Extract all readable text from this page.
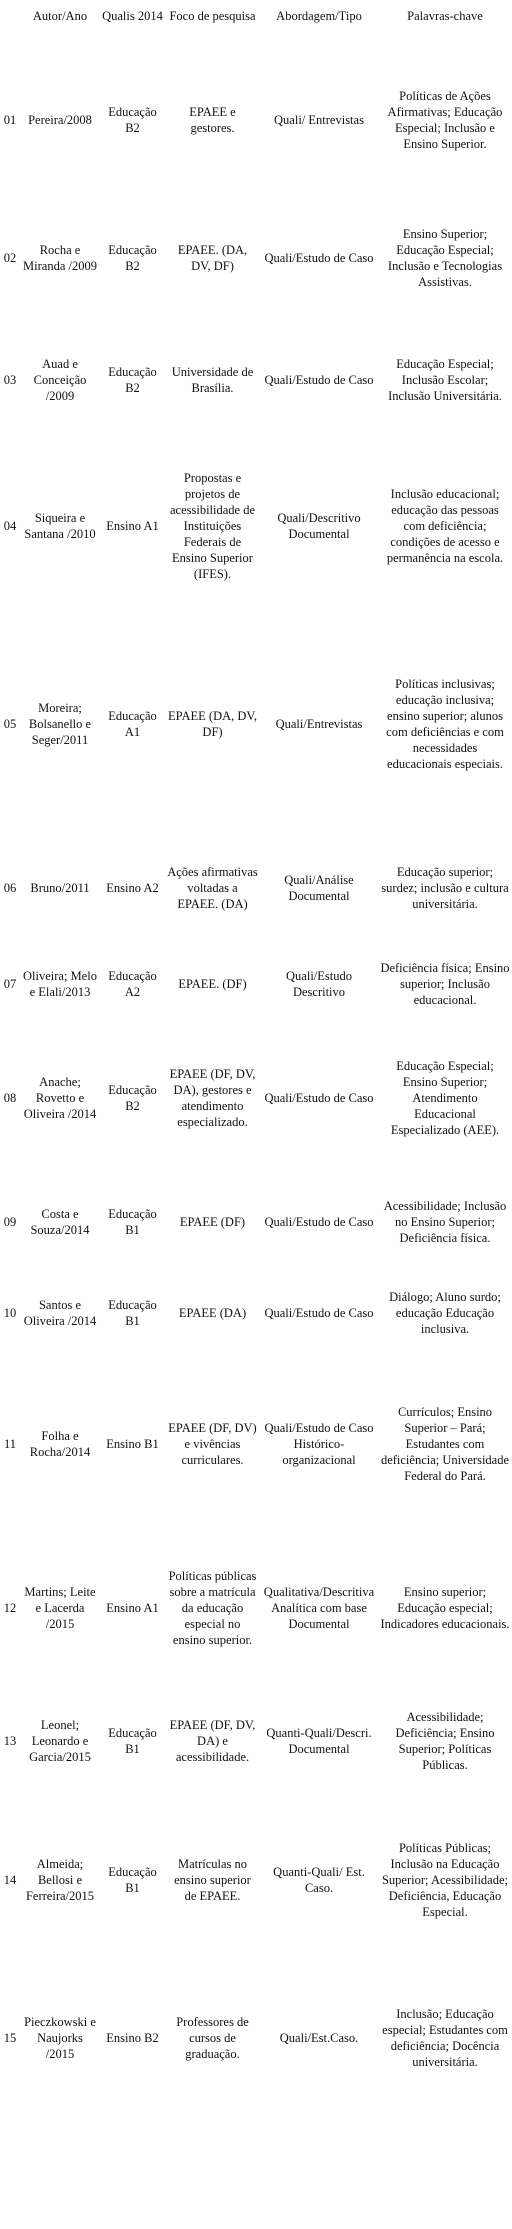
	Autor/Ano	Qualis 2014	Foco de pesquisa	Abordagem/Tipo	Palavras-chave
01	Pereira/2008	Educação B2	EPAEE e gestores.	Quali/ Entrevistas	Políticas de Ações Afirmativas; Educação Especial; Inclusão e Ensino Superior.
02	Rocha e Miranda /2009	Educação B2	EPAEE. (DA, DV, DF)	Quali/Estudo de Caso	Ensino Superior; Educação Especial; Inclusão e Tecnologias Assistivas.
03	Auad e Conceição /2009	Educação B2	Universidade de Brasília.	Quali/Estudo de Caso	Educação Especial; Inclusão Escolar; Inclusão Universitária.
04	Siqueira e Santana /2010	Ensino A1	Propostas e projetos de acessibilidade de Instituições Federais de Ensino Superior (IFES).	Quali/Descritivo Documental	Inclusão educacional; educação das pessoas com deficiência; condições de acesso e permanência na escola.
05	Moreira; Bolsanello e Seger/2011	Educação A1	EPAEE (DA, DV, DF)	Quali/Entrevistas	Políticas inclusivas; educação inclusiva; ensino superior; alunos com deficiências e com necessidades educacionais especiais.
06	Bruno/2011	Ensino A2	Ações afirmativas voltadas a EPAEE. (DA)	Quali/Análise Documental	Educação superior; surdez; inclusão e cultura universitária.
07	Oliveira; Melo e Elali/2013	Educação A2	EPAEE. (DF)	Quali/Estudo Descritivo	Deficiência física; Ensino superior; Inclusão educacional.
08	Anache; Rovetto e Oliveira /2014	Educação B2	EPAEE (DF, DV, DA), gestores e atendimento especializado.	Quali/Estudo de Caso	Educação Especial; Ensino Superior; Atendimento Educacional Especializado (AEE).
09	Costa e Souza/2014	Educação B1	EPAEE (DF)	Quali/Estudo de Caso	Acessibilidade; Inclusão no Ensino Superior; Deficiência física.
10	Santos e Oliveira /2014	Educação B1	EPAEE (DA)	Quali/Estudo de Caso	Diálogo; Aluno surdo; educação Educação inclusiva.
11	Folha e Rocha/2014	Ensino B1	EPAEE (DF, DV) e vivências curriculares.	Quali/Estudo de Caso Histórico-organizacional	Currículos; Ensino Superior – Pará; Estudantes com deficiência; Universidade Federal do Pará.
12	Martins; Leite e Lacerda /2015	Ensino A1	Políticas públicas sobre a matrícula da educação especial no ensino superior.	Qualitativa/Descritiva Analítica com base Documental	Ensino superior; Educação especial; Indicadores educacionais.
13	Leonel; Leonardo e Garcia/2015	Educação B1	EPAEE (DF, DV, DA) e acessibilidade.	Quanti-Quali/Descri. Documental	Acessibilidade; Deficiência; Ensino Superior; Políticas Públicas.
14	Almeida; Bellosi e Ferreira/2015	Educação B1	Matrículas no ensino superior de EPAEE.	Quanti-Quali/ Est. Caso.	Políticas Públicas; Inclusão na Educação Superior; Acessibilidade; Deficiência, Educação Especial.
15	Pieczkowski e Naujorks /2015	Ensino B2	Professores de cursos de graduação.	Quali/Est.Caso.	Inclusão; Educação especial; Estudantes com deficiência; Docência universitária.
